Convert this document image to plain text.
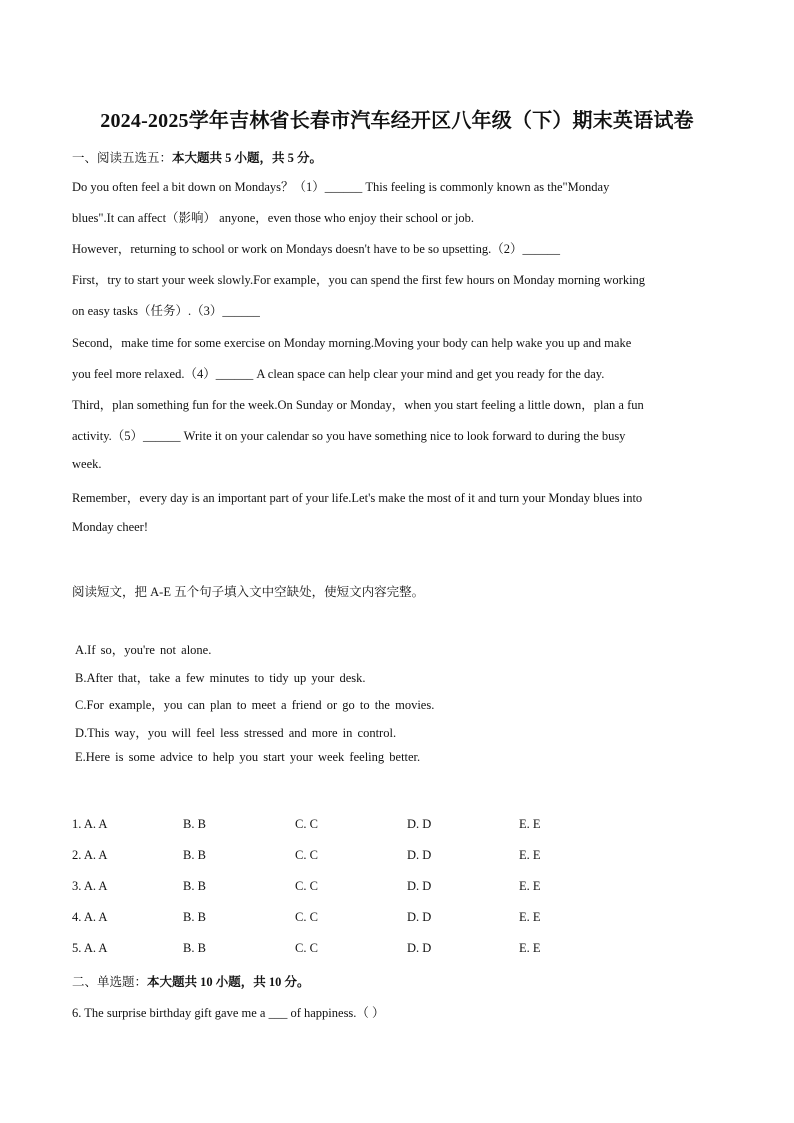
2024-2025学年吉林省长春市汽车经开区八年级（下）期末英语试卷
一、阅读五选五：本大题共 5 小题，共 5 分。
Do you often feel a bit down on Mondays？（1）______ This feeling is commonly known as the"Monday
blues".It can affect（影响） anyone，even those who enjoy their school or job.
However，returning to school or work on Mondays doesn't have to be so upsetting.（2）______
First，try to start your week slowly.For example，you can spend the first few hours on Monday morning working
on easy tasks（任务）.（3）______
Second，make time for some exercise on Monday morning.Moving your body can help wake you up and make
you feel more relaxed.（4）______ A clean space can help clear your mind and get you ready for the day.
Third，plan something fun for the week.On Sunday or Monday，when you start feeling a little down，plan a fun
activity.（5）______ Write it on your calendar so you have something nice to look forward to during the busy
week.
Remember，every day is an important part of your life.Let's make the most of it and turn your Monday blues into
Monday cheer!
阅读短文，把 A-E 五个句子填入文中空缺处，使短文内容完整。
A.If so，you're not alone.
B.After that，take a few minutes to tidy up your desk.
C.For example，you can plan to meet a friend or go to the movies.
D.This way，you will feel less stressed and more in control.
E.Here is some advice to help you start your week feeling better.
1. A. A	B. B	C. C	D. D	E. E
2. A. A	B. B	C. C	D. D	E. E
3. A. A	B. B	C. C	D. D	E. E
4. A. A	B. B	C. C	D. D	E. E
5. A. A	B. B	C. C	D. D	E. E
二、单选题：本大题共 10 小题，共 10 分。
6. The surprise birthday gift gave me a ___ of happiness.（ ）
